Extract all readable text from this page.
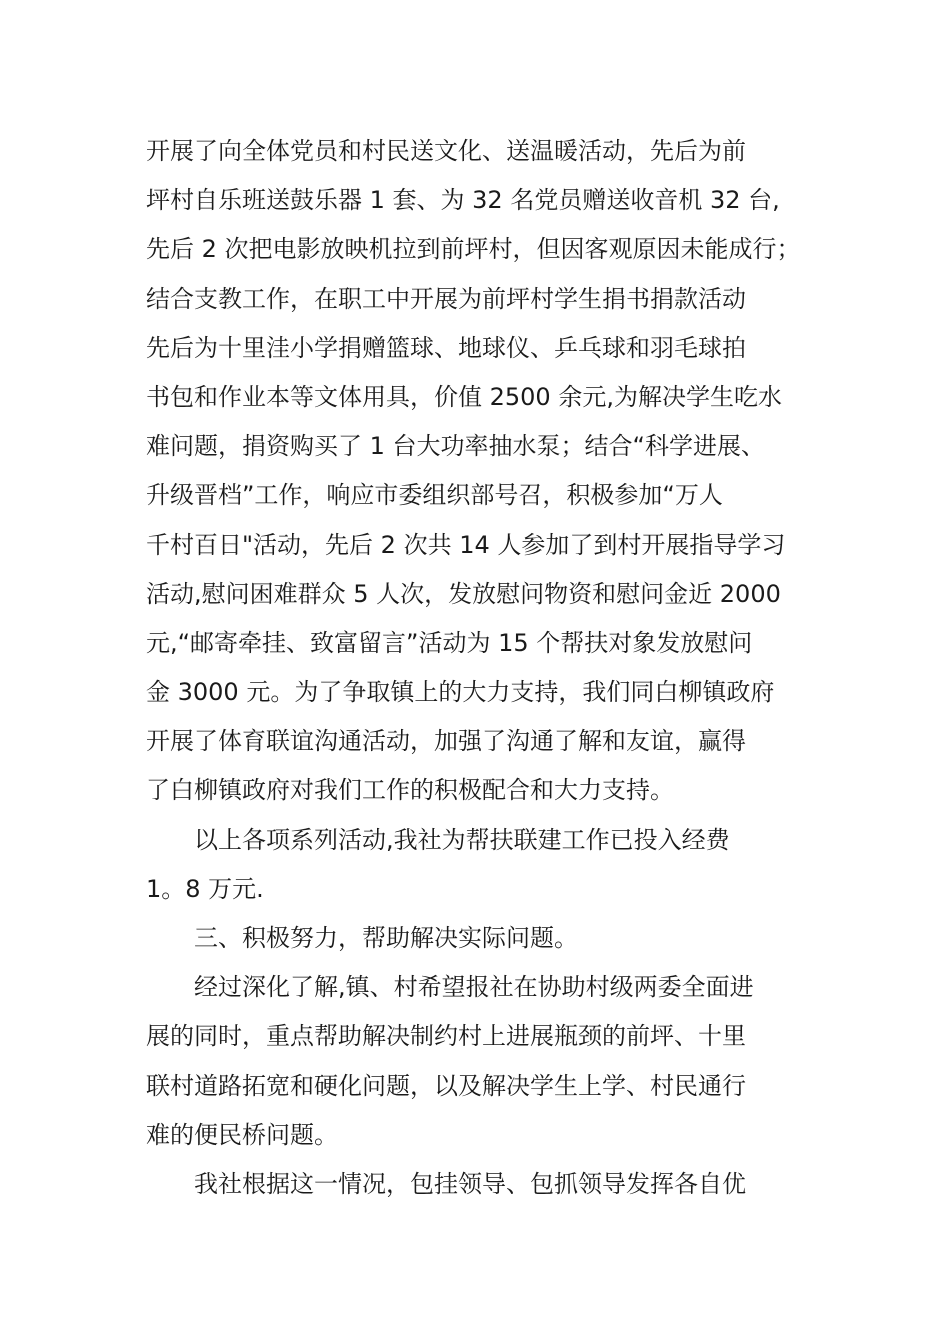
开展了向全体党员和村民送文化、送温暖活动，先后为前
坪村自乐班送鼓乐器 1 套、为 32 名党员赠送收音机 32 台,
先后 2 次把电影放映机拉到前坪村，但因客观原因未能成行；
结合支教工作，在职工中开展为前坪村学生捐书捐款活动
先后为十里洼小学捐赠篮球、地球仪、乒乓球和羽毛球拍
书包和作业本等文体用具，价值 2500 余元,为解决学生吃水
难问题，捐资购买了 1 台大功率抽水泵；结合“科学进展、
升级晋档”工作，响应市委组织部号召，积极参加“万人
千村百日"活动，先后 2 次共 14 人参加了到村开展指导学习
活动,慰问困难群众 5 人次，发放慰问物资和慰问金近 2000
元,“邮寄牵挂、致富留言”活动为 15 个帮扶对象发放慰问
金 3000 元。为了争取镇上的大力支持，我们同白柳镇政府
开展了体育联谊沟通活动，加强了沟通了解和友谊，赢得
了白柳镇政府对我们工作的积极配合和大力支持。
以上各项系列活动,我社为帮扶联建工作已投入经费
1。8 万元.
三、积极努力，帮助解决实际问题。
经过深化了解,镇、村希望报社在协助村级两委全面进
展的同时，重点帮助解决制约村上进展瓶颈的前坪、十里
联村道路拓宽和硬化问题，以及解决学生上学、村民通行
难的便民桥问题。
我社根据这一情况，包挂领导、包抓领导发挥各自优
